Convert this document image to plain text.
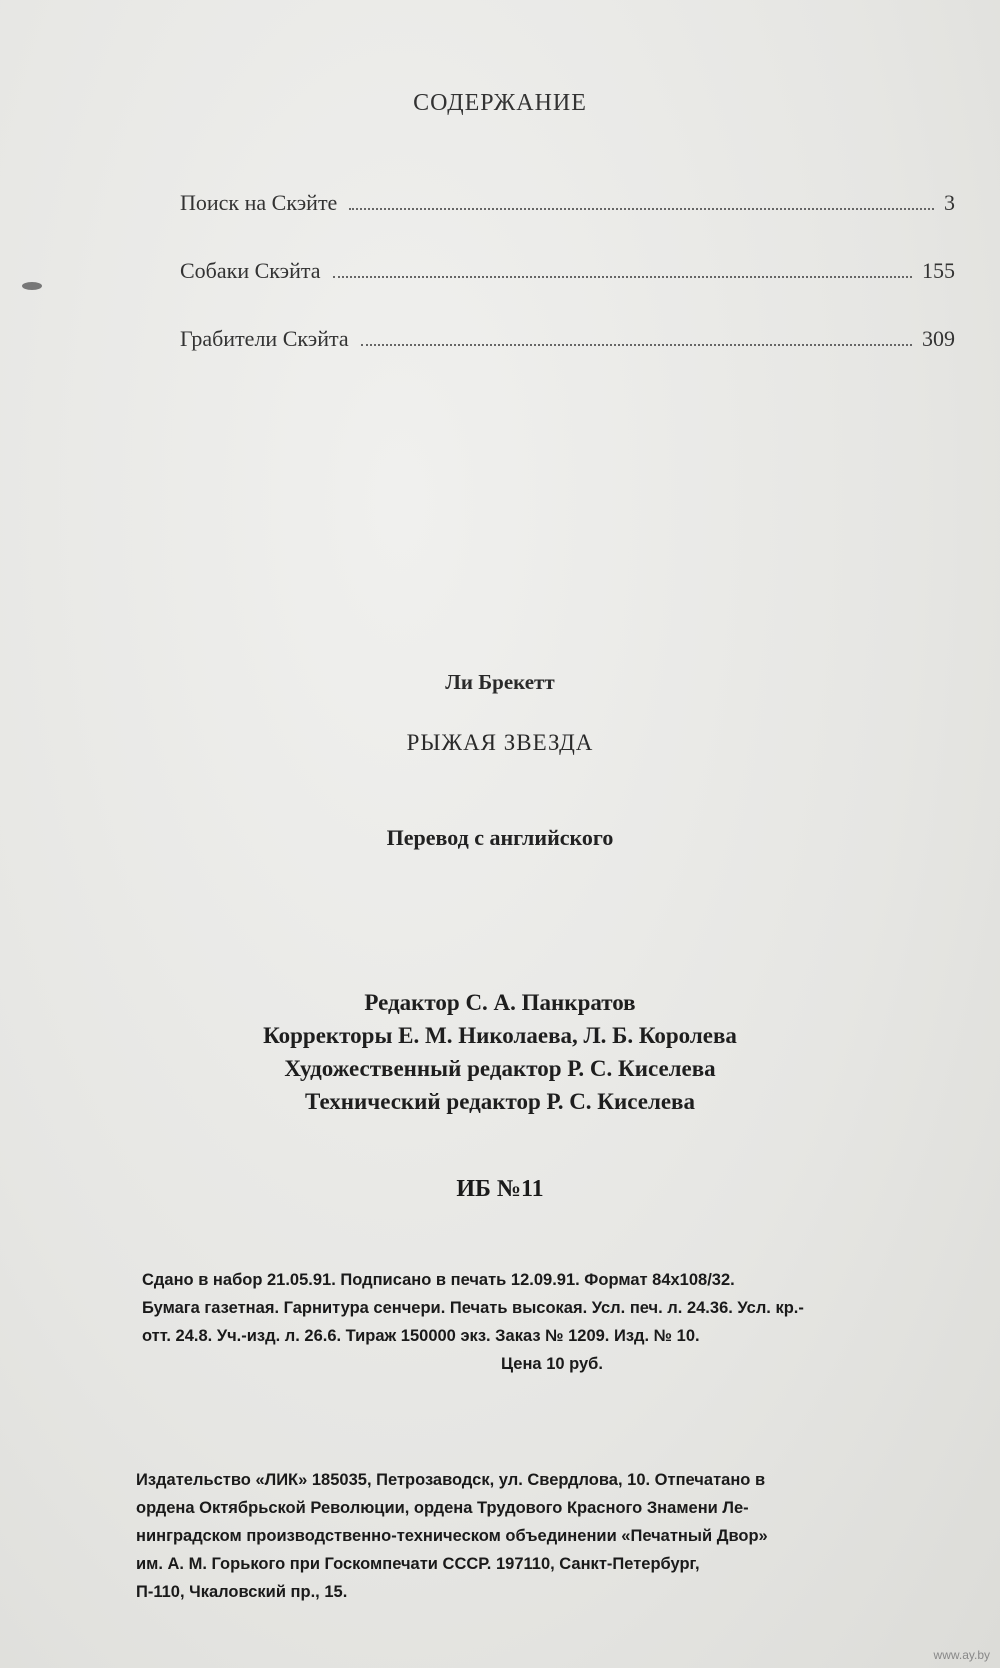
СОДЕРЖАНИЕ
Поиск на Скэйте	3
Собаки Скэйта	155
Грабители Скэйта	309
Ли Брекетт
РЫЖАЯ ЗВЕЗДА
Перевод с английского
Редактор С. А. Панкратов
Корректоры Е. М. Николаева, Л. Б. Королева
Художественный редактор Р. С. Киселева
Технический редактор Р. С. Киселева
ИБ №11
Сдано в набор 21.05.91. Подписано в печать 12.09.91. Формат 84x108/32.
Бумага газетная. Гарнитура сенчери. Печать высокая. Усл. печ. л. 24.36. Усл. кр.-
отт. 24.8. Уч.-изд. л. 26.6. Тираж 150000 экз. Заказ № 1209. Изд. № 10.
Цена 10 руб.
Издательство «ЛИК» 185035, Петрозаводск, ул. Свердлова, 10. Отпечатано в
ордена Октябрьской Революции, ордена Трудового Красного Знамени Ле-
нинградском производственно-техническом объединении «Печатный Двор»
им. А. М. Горького при Госкомпечати СССР. 197110, Санкт-Петербург,
П-110, Чкаловский пр., 15.
www.ay.by
